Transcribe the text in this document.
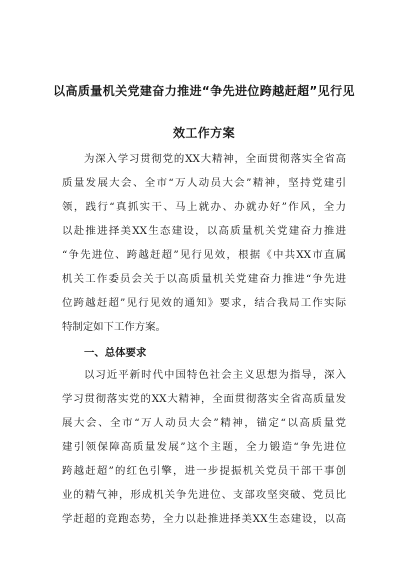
以高质量机关党建奋力推进“争先进位跨越赶超”见行见
效工作方案
为深入学习贯彻党的XX大精神，全面贯彻落实全省高
质量发展大会、全市“万人动员大会”精神，坚持党建引
领，践行“真抓实干、马上就办、办就办好”作风，全力
以赴推进择美XX生态建设，以高质量机关党建奋力推进
“争先进位、跨越赶超”见行见效，根据《中共XX市直属
机关工作委员会关于以高质量机关党建奋力推进“争先进
位跨越赶超”见行见效的通知》要求，结合我局工作实际
特制定如下工作方案。
一、总体要求
以习近平新时代中国特色社会主义思想为指导，深入
学习贯彻落实党的XX大精神，全面贯彻落实全省高质量发
展大会、全市“万人动员大会”精神，锚定“以高质量党
建引领保障高质量发展”这个主题，全力锻造“争先进位
跨越赶超”的红色引擎，进一步提振机关党员干部干事创
业的精气神，形成机关争先进位、支部攻坚突破、党员比
学赶超的竞跑态势，全力以赴推进择美XX生态建设，以高
